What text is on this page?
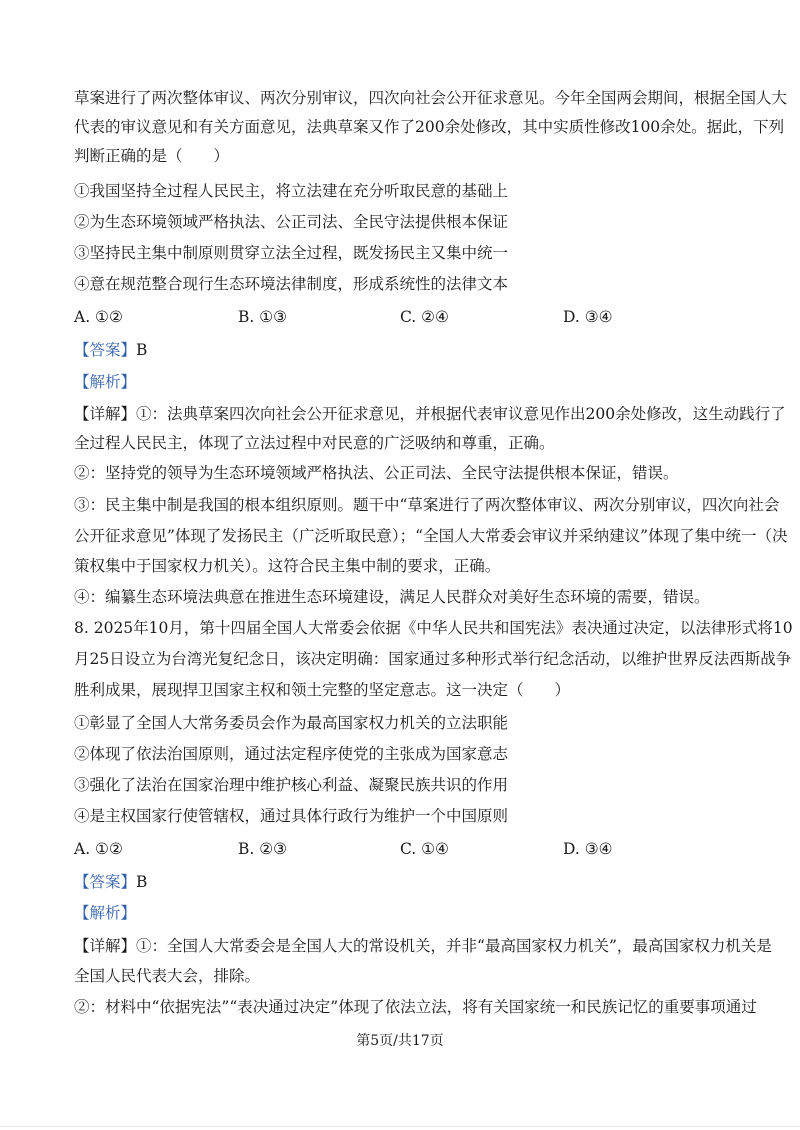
草案进行了两次整体审议、两次分别审议，四次向社会公开征求意见。今年全国两会期间，根据全国人大
代表的审议意见和有关方面意见，法典草案又作了200余处修改，其中实质性修改100余处。据此，下列
判断正确的是（　　）
①我国坚持全过程人民民主，将立法建在充分听取民意的基础上
②为生态环境领域严格执法、公正司法、全民守法提供根本保证
③坚持民主集中制原则贯穿立法全过程，既发扬民主又集中统一
④意在规范整合现行生态环境法律制度，形成系统性的法律文本
A. ①②	B. ①③	C. ②④	D. ③④
【答案】B
【解析】
【详解】①：法典草案四次向社会公开征求意见，并根据代表审议意见作出200余处修改，这生动践行了
全过程人民民主，体现了立法过程中对民意的广泛吸纳和尊重，正确。
②：坚持党的领导为生态环境领域严格执法、公正司法、全民守法提供根本保证，错误。
③：民主集中制是我国的根本组织原则。题干中“草案进行了两次整体审议、两次分别审议，四次向社会
公开征求意见”体现了发扬民主（广泛听取民意）；“全国人大常委会审议并采纳建议”体现了集中统一（决
策权集中于国家权力机关）。这符合民主集中制的要求，正确。
④：编纂生态环境法典意在推进生态环境建设，满足人民群众对美好生态环境的需要，错误。
8. 2025年10月，第十四届全国人大常委会依据《中华人民共和国宪法》表决通过决定，以法律形式将10
月25日设立为台湾光复纪念日，该决定明确：国家通过多种形式举行纪念活动，以维护世界反法西斯战争
胜利成果，展现捍卫国家主权和领土完整的坚定意志。这一决定（　　）
①彰显了全国人大常务委员会作为最高国家权力机关的立法职能
②体现了依法治国原则，通过法定程序使党的主张成为国家意志
③强化了法治在国家治理中维护核心利益、凝聚民族共识的作用
④是主权国家行使管辖权，通过具体行政行为维护一个中国原则
A. ①②	B. ②③	C. ①④	D. ③④
【答案】B
【解析】
【详解】①：全国人大常委会是全国人大的常设机关，并非“最高国家权力机关”，最高国家权力机关是
全国人民代表大会，排除。
②：材料中“依据宪法”“表决通过决定”体现了依法立法，将有关国家统一和民族记忆的重要事项通过
第5页/共17页
